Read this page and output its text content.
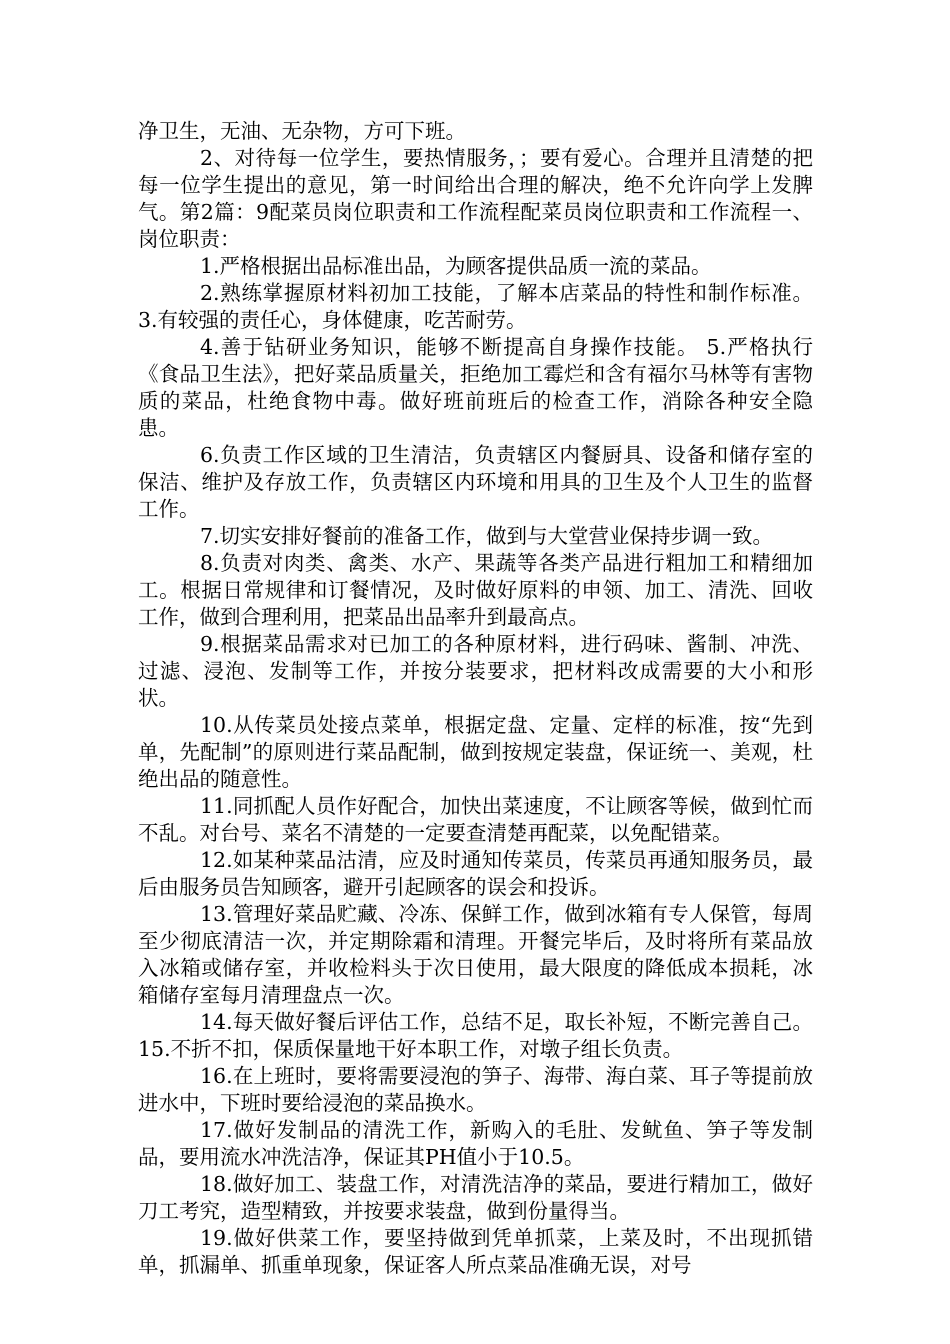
净卫生，无油、无杂物，方可下班。

2、对待每一位学生，要热情服务，；要有爱心。合理并且清楚的把每一位学生提出的意见，第一时间给出合理的解决，绝不允许向学上发脾气。第2篇：9配菜员岗位职责和工作流程配菜员岗位职责和工作流程一、岗位职责：

1.严格根据出品标准出品，为顾客提供品质一流的菜品。

2.熟练掌握原材料初加工技能，了解本店菜品的特性和制作标准。 3.有较强的责任心，身体健康，吃苦耐劳。

4.善于钻研业务知识，能够不断提高自身操作技能。 5.严格执行《食品卫生法》，把好菜品质量关，拒绝加工霉烂和含有福尔马林等有害物质的菜品，杜绝食物中毒。做好班前班后的检查工作，消除各种安全隐患。

6.负责工作区域的卫生清洁，负责辖区内餐厨具、设备和储存室的保洁、维护及存放工作，负责辖区内环境和用具的卫生及个人卫生的监督工作。

7.切实安排好餐前的准备工作，做到与大堂营业保持步调一致。

8.负责对肉类、禽类、水产、果蔬等各类产品进行粗加工和精细加工。根据日常规律和订餐情况，及时做好原料的申领、加工、清洗、回收工作，做到合理利用，把菜品出品率升到最高点。

9.根据菜品需求对已加工的各种原材料，进行码味、酱制、冲洗、过滤、浸泡、发制等工作，并按分装要求，把材料改成需要的大小和形状。

10.从传菜员处接点菜单，根据定盘、定量、定样的标准，按“先到单，先配制”的原则进行菜品配制，做到按规定装盘，保证统一、美观，杜绝出品的随意性。

11.同抓配人员作好配合，加快出菜速度，不让顾客等候，做到忙而不乱。对台号、菜名不清楚的一定要查清楚再配菜，以免配错菜。

12.如某种菜品沽清，应及时通知传菜员，传菜员再通知服务员，最后由服务员告知顾客，避开引起顾客的误会和投诉。

13.管理好菜品贮藏、冷冻、保鲜工作，做到冰箱有专人保管，每周至少彻底清洁一次，并定期除霜和清理。开餐完毕后，及时将所有菜品放入冰箱或储存室，并收检料头于次日使用，最大限度的降低成本损耗，冰箱储存室每月清理盘点一次。

14.每天做好餐后评估工作，总结不足，取长补短，不断完善自己。 15.不折不扣，保质保量地干好本职工作，对墩子组长负责。

16.在上班时，要将需要浸泡的笋子、海带、海白菜、耳子等提前放进水中，下班时要给浸泡的菜品换水。

17.做好发制品的清洗工作，新购入的毛肚、发鱿鱼、笋子等发制品，要用流水冲洗洁净，保证其PH值小于10.5。

18.做好加工、装盘工作，对清洗洁净的菜品，要进行精加工，做好刀工考究，造型精致，并按要求装盘，做到份量得当。

19.做好供菜工作，要坚持做到凭单抓菜，上菜及时，不出现抓错单，抓漏单、抓重单现象，保证客人所点菜品准确无误，对号
